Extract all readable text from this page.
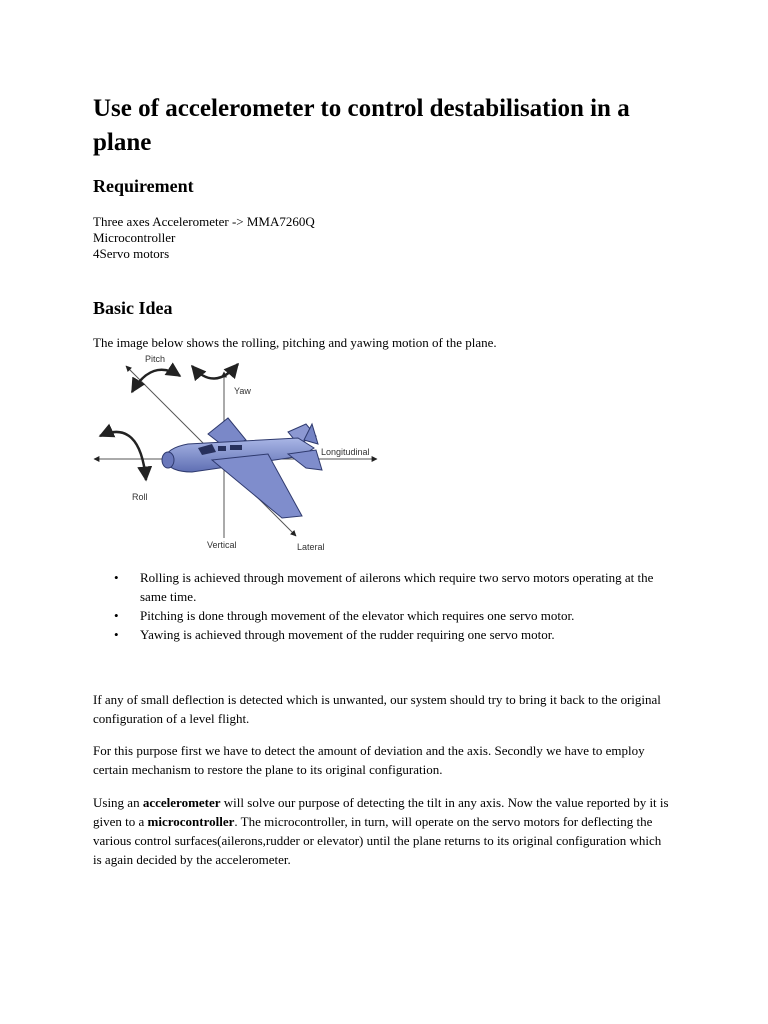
Use of accelerometer to control destabilisation in a plane
Requirement
Three axes Accelerometer -> MMA7260Q
Microcontroller
4Servo motors
Basic Idea
The image below shows the rolling, pitching and yawing motion of the plane.
Pitch
Yaw
Roll
Longitudinal
Vertical	Lateral
• Rolling is achieved through movement of ailerons which require two servo motors operating at the same time.
• Pitching is done through movement of the elevator which requires one servo motor.
• Yawing is achieved through movement of the rudder requiring one servo motor.
If any of small deflection is detected which is unwanted, our system should try to bring it back to the original configuration of a level flight.
For this purpose first we have to detect the amount of deviation and the axis. Secondly we have to employ certain mechanism to restore the plane to its original configuration.
Using an accelerometer will solve our purpose of detecting the tilt in any axis. Now the value reported by it is given to a microcontroller. The microcontroller, in turn, will operate on the servo motors for deflecting the various control surfaces(ailerons,rudder or elevator) until the plane returns to its original configuration which is again decided by the accelerometer.
